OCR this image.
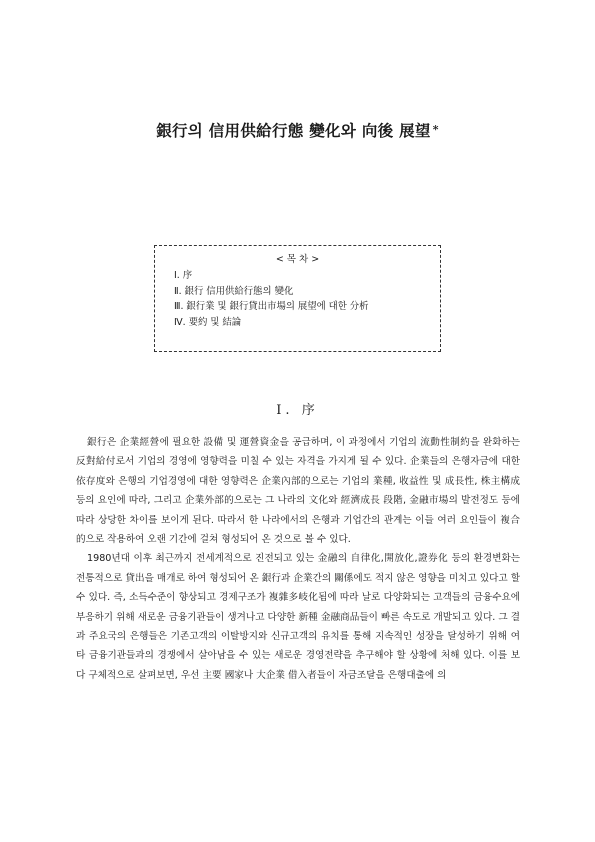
銀行의 信用供給行態 變化와 向後 展望 *
< 목 차 >
Ⅰ. 序
Ⅱ. 銀行 信用供給行態의 變化
Ⅲ. 銀行業 및 銀行貸出市場의 展望에 대한 分析
Ⅳ. 要約 및 結論
Ⅰ. 序

銀行은 企業經營에 필요한 設備 및 運營資金을 공급하며, 이 과정에서 기업의 流動性制約을 완화하는 反對給付로서 기업의 경영에 영향력을 미칠 수 있는 자격을 가지게 될 수 있다. 企業들의 은행자금에 대한 依存度와 은행의 기업경영에 대한 영향력은 企業內部的으로는 기업의 業種, 收益性 및 成長性, 株主構成 등의 요인에 따라, 그리고 企業外部的으로는 그 나라의 文化와 經濟成長 段階, 金融市場의 발전정도 등에 따라 상당한 차이를 보이게 된다. 따라서 한 나라에서의 은행과 기업간의 관계는 이들 여러 요인들이 複合的으로 작용하여 오랜 기간에 걸쳐 형성되어 온 것으로 볼 수 있다.

1980년대 이후 최근까지 전세계적으로 진전되고 있는 金融의 自律化,開放化,證券化 등의 환경변화는 전통적으로 貸出을 매개로 하여 형성되어 온 銀行과 企業간의 關係에도 적지 않은 영향을 미치고 있다고 할 수 있다. 즉, 소득수준이 향상되고 경제구조가 複雜多岐化됨에 따라 날로 다양화되는 고객들의 금융수요에 부응하기 위해 새로운 금융기관들이 생겨나고 다양한 新種 金融商品들이 빠른 속도로 개발되고 있다. 그 결과 주요국의 은행들은 기존고객의 이탈방지와 신규고객의 유치를 통해 지속적인 성장을 달성하기 위해 여타 금융기관들과의 경쟁에서 살아남을 수 있는 새로운 경영전략을 추구해야 할 상황에 처해 있다. 이를 보다 구체적으로 살펴보면, 우선 主要 國家나 大企業 借入者들이 자금조달을 은행대출에 의
